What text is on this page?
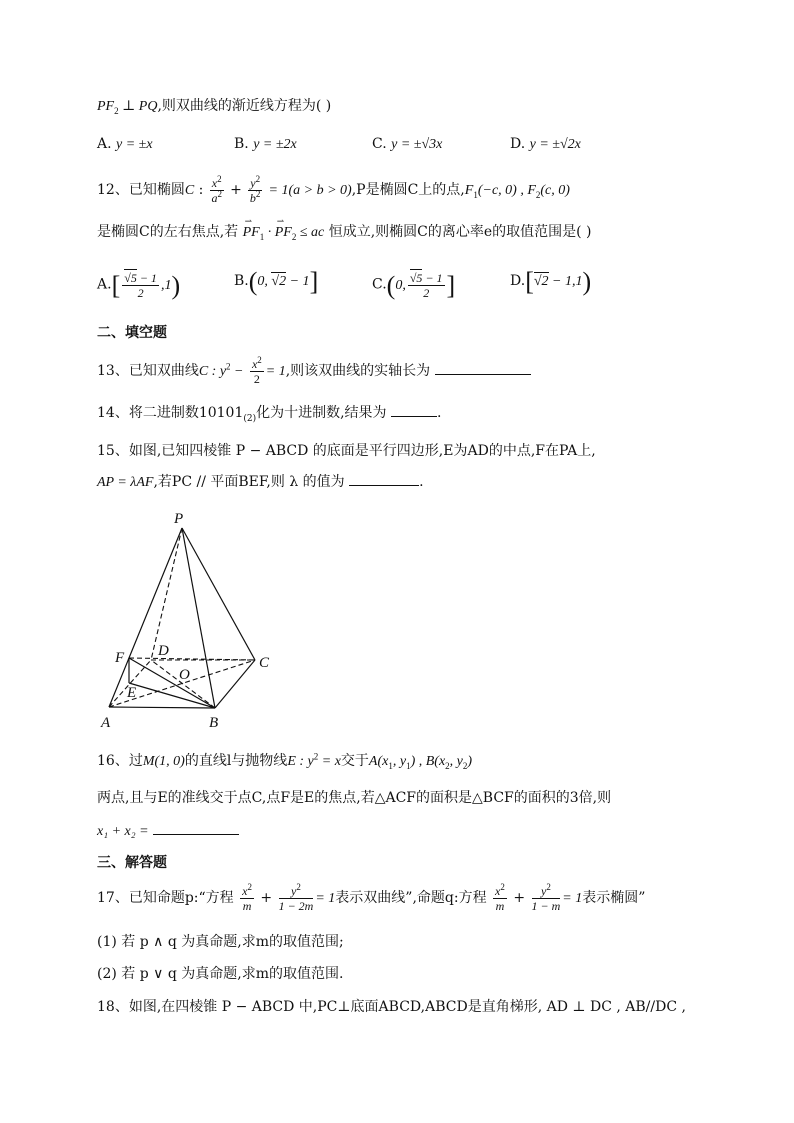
$PF_2$ ⊥ PQ,则双曲线的渐近线方程为( )
A. y = ±x	B. y = ±2x	C. y = ±√3x	D. y = ±√2x
12、已知椭圆C : $\frac{x^2}{a^2} + \frac{y^2}{b^2} = 1(a > b > 0),P$是椭圆C上的点$,F_1(-c$, 0) , $F_2(c$, 0)
是椭圆C的左右焦点,若 ⇀ $PF_1$ · ⇀ $PF_2$ ≤ ac 恒成立,则椭圆C的离心率e的取值范围是( )
$A.[ \frac{√5 - 1}{2} ,1)$	B.(0, √2 − 1]	C.(0, $\frac{√5 - 1}{2}$ ]	D.[√2 − 1,1)
二、填空题
13、已知双曲线C : $y^2 - \frac{x^2}{2} = 1$,则该双曲线的实轴长为
14、将二进制数$10101_{(2)}$化为十进制数,结果为	.
15、如图,已知四棱锥 P − ABCD 的底面是平行四边形,E为AD的中点,F在PA上,
AP = λAF,若PC // 平面BEF,则 λ 的值为	.
P
D
C
F
O
E
A	B
16、过M(1, 0)的直线l与抛物线E : $y^2 = x$交于$A(x_1$, $y_1$) , $B(x_2$, $y_2$)
两点,且与E的准线交于点C,点F是E的焦点,若△ACF的面积是△BCF的面积的3倍,则
x₁ + x₂ =
三、解答题
17、已知命题p:“方程 $\frac{x^2}{m} + \frac{y^2}{1 - 2m} = 1$表示双曲线”,命题q:方程 $\frac{x^2}{m} + \frac{y^2}{1 - m} = 1$表示椭圆”
(1) 若 p ∧ q 为真命题,求m的取值范围;
(2) 若 p ∨ q 为真命题,求m的取值范围.
18、如图,在四棱锥 P − ABCD 中,PC⊥底面ABCD,ABCD是直角梯形, AD ⊥ DC , AB//DC ,
